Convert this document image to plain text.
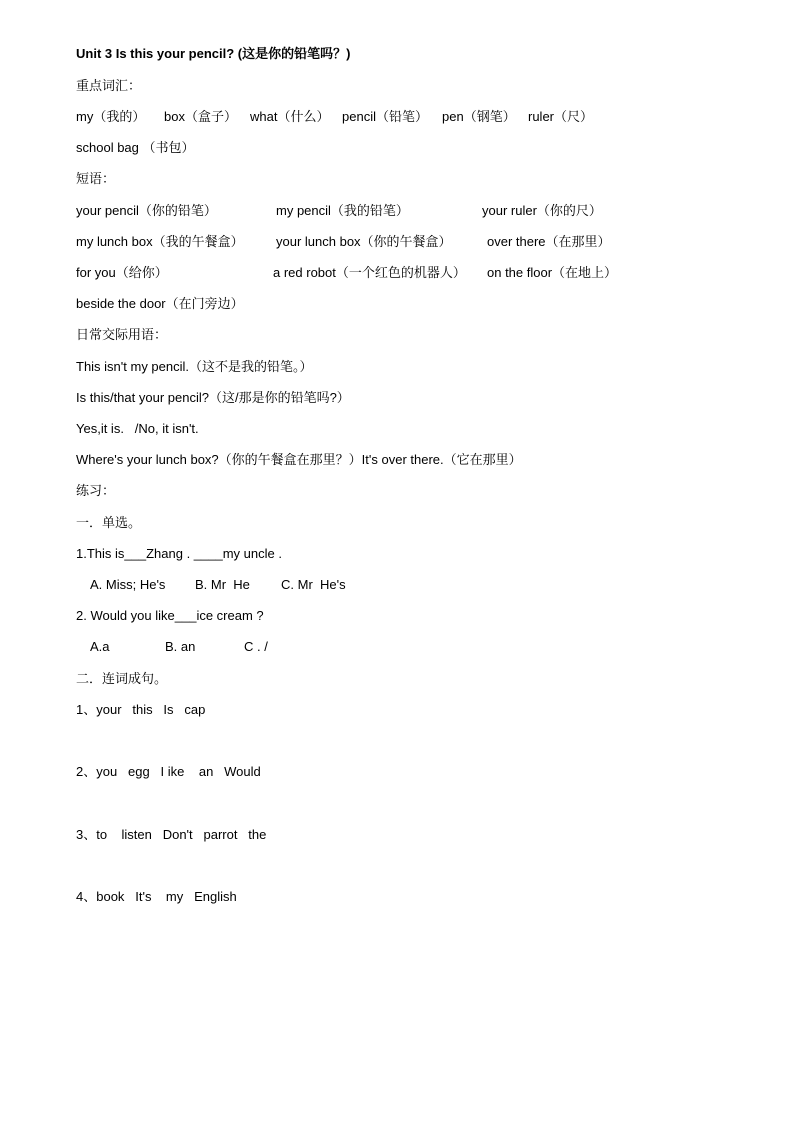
Unit 3 Is this your pencil? (这是你的铅笔吗？)
重点词汇：
my（我的） box（盒子） what（什么） pencil（铅笔） pen（钢笔） ruler（尺）
school bag （书包）
短语：
your pencil（你的铅笔）	my pencil（我的铅笔）	your ruler（你的尺）
my lunch box（我的午餐盒） your lunch box（你的午餐盒）	over there（在那里）
for you（给你）	a red robot（一个红色的机器人） on the floor（在地上）
beside the door（在门旁边）
日常交际用语：
This isn't my pencil.（这不是我的铅笔。）
Is this/that your pencil?（这/那是你的铅笔吗?）
Yes,it is.   /No, it isn't.
Where's your lunch box?（你的午餐盒在那里？）It's over there.（它在那里）
练习：
一．单选。
1.This is___Zhang . ____my uncle .
A. Miss; He's B. Mr  He C. Mr  He's
2. Would you like___ice cream ?
A.a	B. an	C . /
二．连词成句。
1、your   this   Is   cap
2、you   egg   I ike    an   Would
3、to    listen   Don't   parrot   the
4、book   It's    my   English
